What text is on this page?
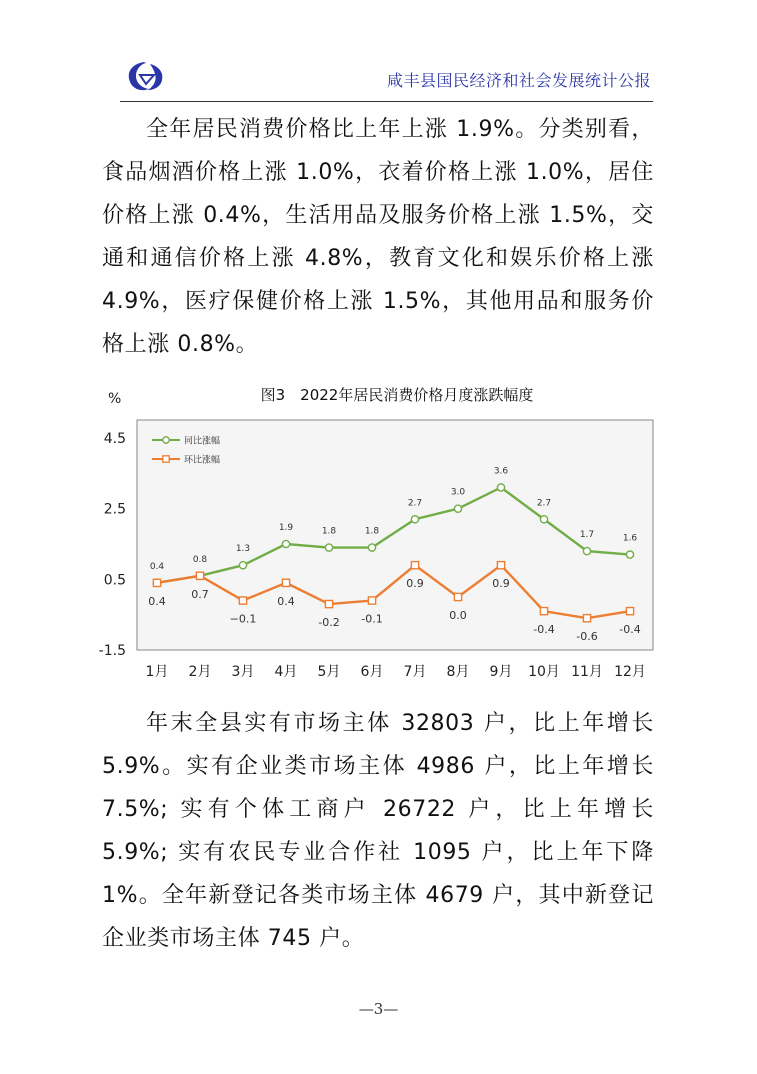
咸丰县国民经济和社会发展统计公报

全年居民消费价格比上年上涨 1.9%。分类别看，食品烟酒价格上涨 1.0%，衣着价格上涨 1.0%，居住价格上涨 0.4%，生活用品及服务价格上涨 1.5%，交通和通信价格上涨 4.8%，教育文化和娱乐价格上涨 4.9%，医疗保健价格上涨 1.5%，其他用品和服务价格上涨 0.8%。

%	图3　2022年居民消费价格月度涨跌幅度
4.5
2.5
0.5
-1.5
1月 2月 3月 4月 5月 6月 7月 8月 9月 10月 11月 12月
0.4
0.8
1.3
1.9	1.8	1.8
2.7
3.0
3.6
2.7
1.7	1.6
0.4
0.7
−0.1
0.4
-0.2 -0.1
0.9
0.0
0.9
-0.4
-0.6
-0.4
同比涨幅
环比涨幅

年末全县实有市场主体 32803 户，比上年增长 5.9%。实有企业类市场主体 4986 户，比上年增长 7.5%; 实有个体工商户 26722 户，比上年增长 5.9%; 实有农民专业合作社 1095 户，比上年下降 1%。全年新登记各类市场主体 4679 户，其中新登记企业类市场主体 745 户。

—3—
